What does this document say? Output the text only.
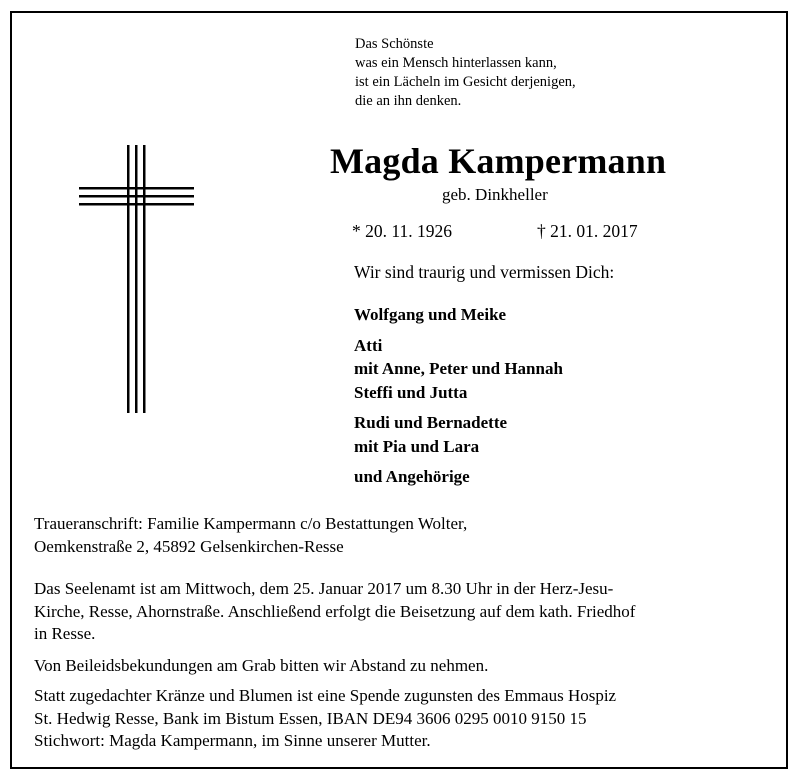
Das Schönste
was ein Mensch hinterlassen kann,
ist ein Lächeln im Gesicht derjenigen,
die an ihn denken.
Magda Kampermann
geb. Dinkheller
* 20. 11. 1926	† 21. 01. 2017
Wir sind traurig und vermissen Dich:
Wolfgang und Meike
Atti
mit Anne, Peter und Hannah
Steffi und Jutta
Rudi und Bernadette
mit Pia und Lara
und Angehörige
Traueranschrift: Familie Kampermann c/o Bestattungen Wolter,
Oemkenstraße 2, 45892 Gelsenkirchen-Resse
Das Seelenamt ist am Mittwoch, dem 25. Januar 2017 um 8.30 Uhr in der Herz-Jesu-
Kirche, Resse, Ahornstraße. Anschließend erfolgt die Beisetzung auf dem kath. Friedhof
in Resse.
Von Beileidsbekundungen am Grab bitten wir Abstand zu nehmen.
Statt zugedachter Kränze und Blumen ist eine Spende zugunsten des Emmaus Hospiz
St. Hedwig Resse, Bank im Bistum Essen, IBAN DE94 3606 0295 0010 9150 15
Stichwort: Magda Kampermann, im Sinne unserer Mutter.
